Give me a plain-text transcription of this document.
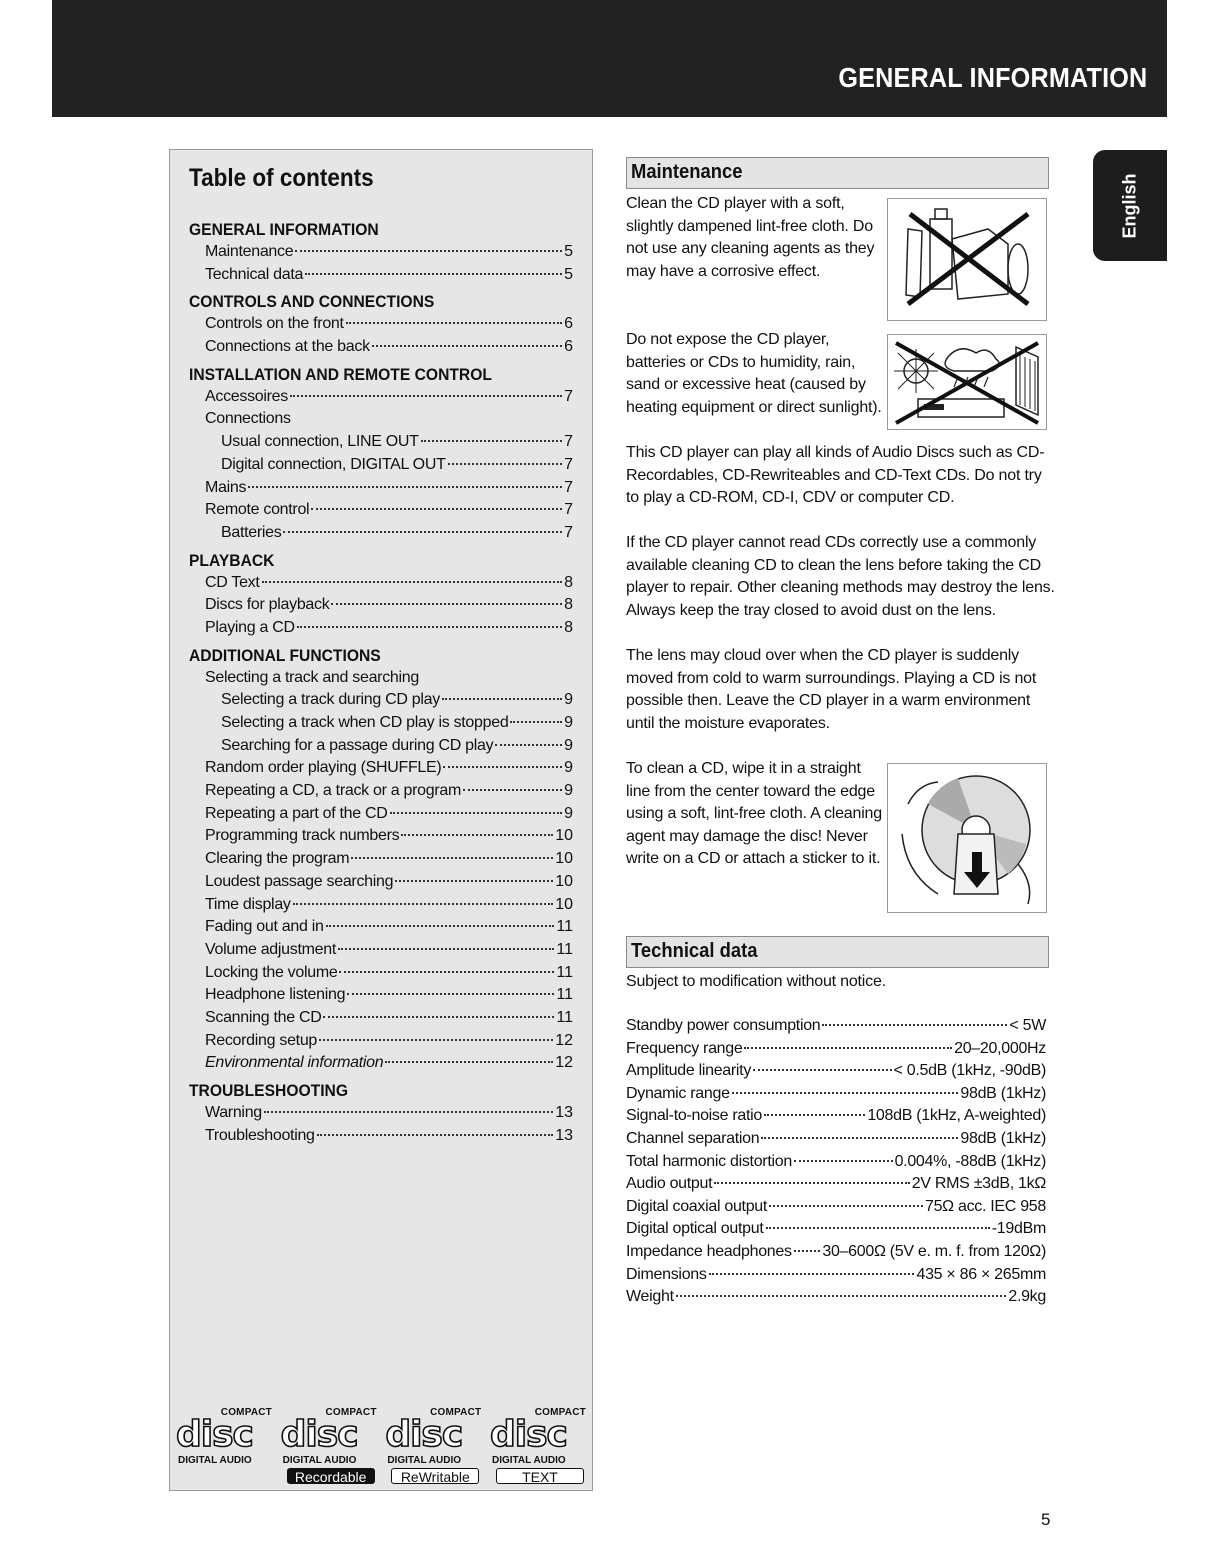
GENERAL INFORMATION
English
Table of contents
GENERAL INFORMATION
Maintenance	5
Technical data	5
CONTROLS AND CONNECTIONS
Controls on the front	6
Connections at the back	6
INSTALLATION AND REMOTE CONTROL
Accessoires	7
Connections
Usual connection, LINE OUT	7
Digital connection, DIGITAL OUT	7
Mains	7
Remote control	7
Batteries	7
PLAYBACK
CD Text	8
Discs for playback	8
Playing a CD	8
ADDITIONAL FUNCTIONS
Selecting a track and searching
Selecting a track during CD play	9
Selecting a track when CD play is stopped	9
Searching for a passage during CD play	9
Random order playing (SHUFFLE)	9
Repeating a CD, a track or a program	9
Repeating a part of the CD	9
Programming track numbers	10
Clearing the program	10
Loudest passage searching	10
Time display	10
Fading out and in	11
Volume adjustment	11
Locking the volume	11
Headphone listening	11
Scanning the CD	11
Recording setup	12
Environmental information	12
TROUBLESHOOTING
Warning	13
Troubleshooting	13
COMPACT
disc
DIGITAL AUDIO
COMPACT
disc
DIGITAL AUDIO
Recordable
COMPACT
disc
DIGITAL AUDIO
ReWritable
COMPACT
disc
DIGITAL AUDIO
TEXT
Maintenance
Clean the CD player with a soft, slightly dampened lint-free cloth. Do not use any cleaning agents as they may have a corrosive effect.
Do not expose the CD player, batteries or CDs to humidity, rain, sand or excessive heat (caused by heating equipment or direct sunlight).
This CD player can play all kinds of Audio Discs such as CD-Recordables, CD-Rewriteables and CD-Text CDs. Do not try to play a CD-ROM, CD-I, CDV or computer CD.
If the CD player cannot read CDs correctly use a commonly available cleaning CD to clean the lens before taking the CD player to repair. Other cleaning methods may destroy the lens. Always keep the tray closed to avoid dust on the lens.
The lens may cloud over when the CD player is suddenly moved from cold to warm surroundings. Playing a CD is not possible then. Leave the CD player in a warm environment until the moisture evaporates.
To clean a CD, wipe it in a straight line from the center toward the edge using a soft, lint-free cloth. A cleaning agent may damage the disc! Never write on a CD or attach a sticker to it.
Technical data
Subject to modification without notice.
Standby power consumption	< 5W
Frequency range	20–20,000Hz
Amplitude linearity	< 0.5dB (1kHz, -90dB)
Dynamic range	98dB (1kHz)
Signal-to-noise ratio	108dB (1kHz, A-weighted)
Channel separation	98dB (1kHz)
Total harmonic distortion	0.004%, -88dB (1kHz)
Audio output	2V RMS ±3dB, 1kΩ
Digital coaxial output	75Ω acc. IEC 958
Digital optical output	-19dBm
Impedance headphones 30–600Ω (5V e. m. f. from 120Ω)
Dimensions	435 × 86 × 265mm
Weight	2.9kg
5
